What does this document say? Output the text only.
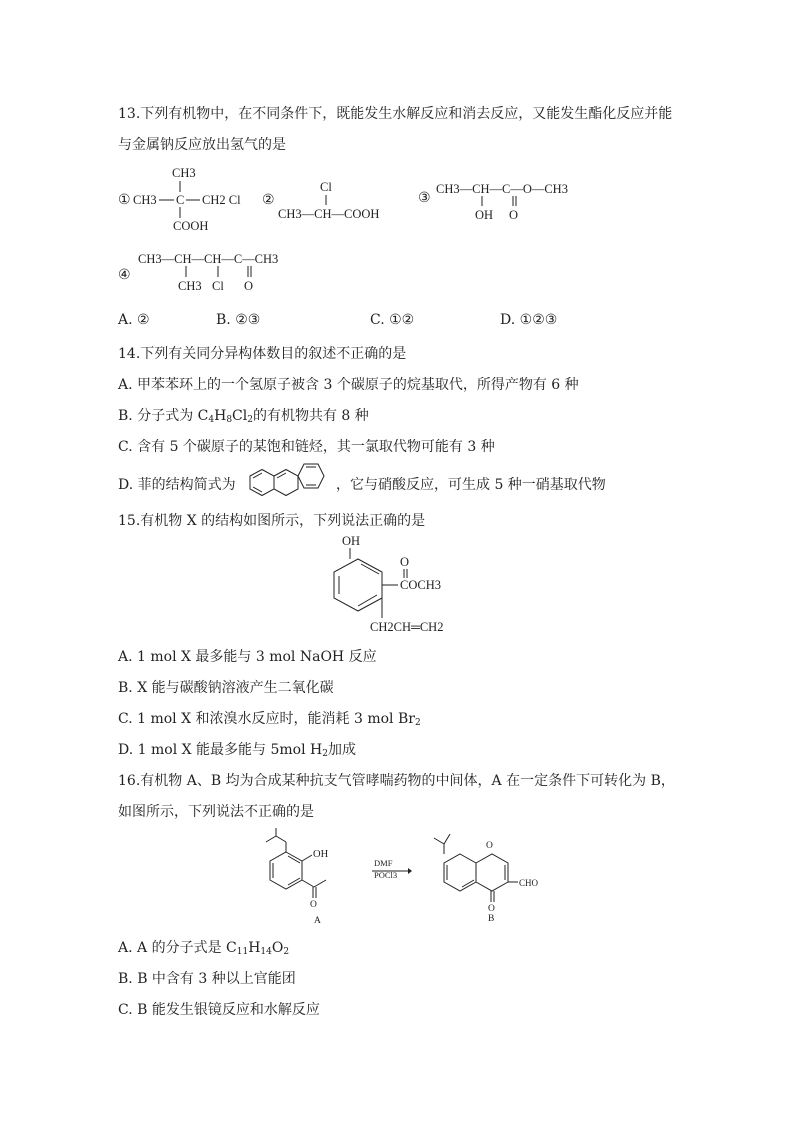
13.下列有机物中，在不同条件下，既能发生水解反应和消去反应，又能发生酯化反应并能
与金属钠反应放出氢气的是
CH3
① CH3 C CH2 Cl
COOH
②
Cl
CH3—CH—COOH
③
CH3—CH—C—O—CH3
OH O
④
CH3—CH—CH—C—CH3
CH3 Cl O
A. ②	B. ②③	C. ①②	D. ①②③
14.下列有关同分异构体数目的叙述不正确的是
A. 甲苯苯环上的一个氢原子被含 3 个碳原子的烷基取代，所得产物有 6 种
B. 分子式为 $C_4H_8Cl_2$的有机物共有 8 种
C. 含有 5 个碳原子的某饱和链烃，其一氯取代物可能有 3 种
D. 菲的结构简式为	，它与硝酸反应，可生成 5 种一硝基取代物
15.有机物 X 的结构如图所示，下列说法正确的是
OH
O
COCH3
CH2CH═CH2
A. 1 mol X 最多能与 3 mol NaOH 反应
B. X 能与碳酸钠溶液产生二氧化碳
C. 1 mol X 和浓溴水反应时，能消耗 3 mol $Br_2$
D. 1 mol X 能最多能与 5mol $H_2$加成
16.有机物 A、B 均为合成某种抗支气管哮喘药物的中间体，A 在一定条件下可转化为 B，
如图所示，下列说法不正确的是
OH
O
A
DMF
POCl3
O
O
CHO
B
A. A 的分子式是 $C_{11}H_{14}O_2$
B. B 中含有 3 种以上官能团
C. B 能发生银镜反应和水解反应
